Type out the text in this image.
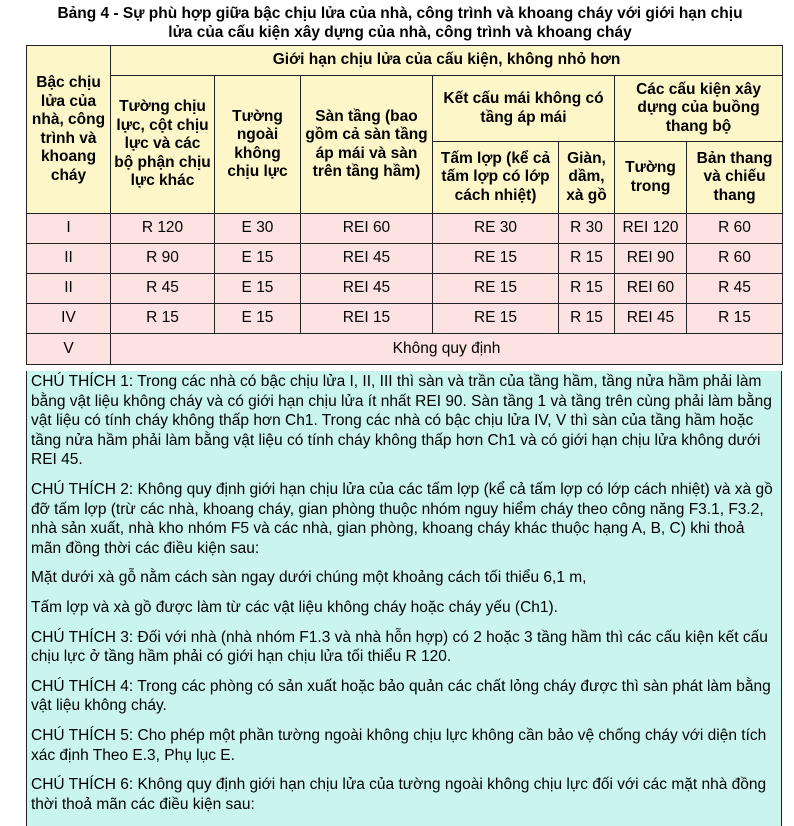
Bảng 4 - Sự phù hợp giữa bậc chịu lửa của nhà, công trình và khoang cháy với giới hạn chịu
lửa của cấu kiện xây dựng của nhà, công trình và khoang cháy
Bậc chịu lửa của nhà, công trình và khoang cháy	Giới hạn chịu lửa của cấu kiện, không nhỏ hơn						
	Tường chịu lực, cột chịu lực và các bộ phận chịu lực khác	Tường ngoài không chịu lực	Sàn tầng (bao gồm cả sàn tầng áp mái và sàn trên tầng hầm)	Kết cấu mái không có tầng áp mái		Các cấu kiện xây dựng của buồng thang bộ	
				Tấm lợp (kể cả tấm lợp có lớp cách nhiệt)	Giàn, dầm, xà gồ	Tường trong	Bản thang và chiếu thang
I	R 120	E 30	REI 60	RE 30	R 30	REI 120	R 60
II	R 90	E 15	REI 45	RE 15	R 15	REI 90	R 60
II	R 45	E 15	REI 45	RE 15	R 15	REI 60	R 45
IV	R 15	E 15	REI 15	RE 15	R 15	REI 45	R 15
V	Không quy định						

CHÚ THÍCH 1: Trong các nhà có bậc chịu lửa I, II, III thì sàn và trần của tầng hầm, tầng nửa hầm phải làm bằng vật liệu không cháy và có giới hạn chịu lửa ít nhất REI 90. Sàn tầng 1 và tầng trên cùng phải làm bằng vật liệu có tính cháy không thấp hơn Ch1. Trong các nhà có bậc chịu lửa IV, V thì sàn của tầng hầm hoặc tầng nửa hầm phải làm bằng vật liệu có tính cháy không thấp hơn Ch1 và có giới hạn chịu lửa không dưới REI 45.

CHÚ THÍCH 2: Không quy định giới hạn chịu lửa của các tấm lợp (kể cả tấm lợp có lớp cách nhiệt) và xà gồ đỡ tấm lợp (trừ các nhà, khoang cháy, gian phòng thuộc nhóm nguy hiểm cháy theo công năng F3.1, F3.2, nhà sản xuất, nhà kho nhóm F5 và các nhà, gian phòng, khoang cháy khác thuộc hạng A, B, C) khi thoả mãn đồng thời các điều kiện sau:

Mặt dưới xà gỗ nằm cách sàn ngay dưới chúng một khoảng cách tối thiểu 6,1 m,

Tấm lợp và xà gồ được làm từ các vật liệu không cháy hoặc cháy yếu (Ch1).

CHÚ THÍCH 3: Đối với nhà (nhà nhóm F1.3 và nhà hỗn hợp) có 2 hoặc 3 tầng hầm thì các cấu kiện kết cấu chịu lực ở tầng hầm phải có giới hạn chịu lửa tối thiểu R 120.

CHÚ THÍCH 4: Trong các phòng có sản xuất hoặc bảo quản các chất lỏng cháy được thì sàn phát làm bằng vật liệu không cháy.

CHÚ THÍCH 5: Cho phép một phần tường ngoài không chịu lực không cần bảo vệ chống cháy với diện tích xác định Theo E.3, Phụ lục E.

CHÚ THÍCH 6: Không quy định giới hạn chịu lửa của tường ngoài không chịu lực đối với các mặt nhà đồng thời thoả mãn các điều kiện sau:
